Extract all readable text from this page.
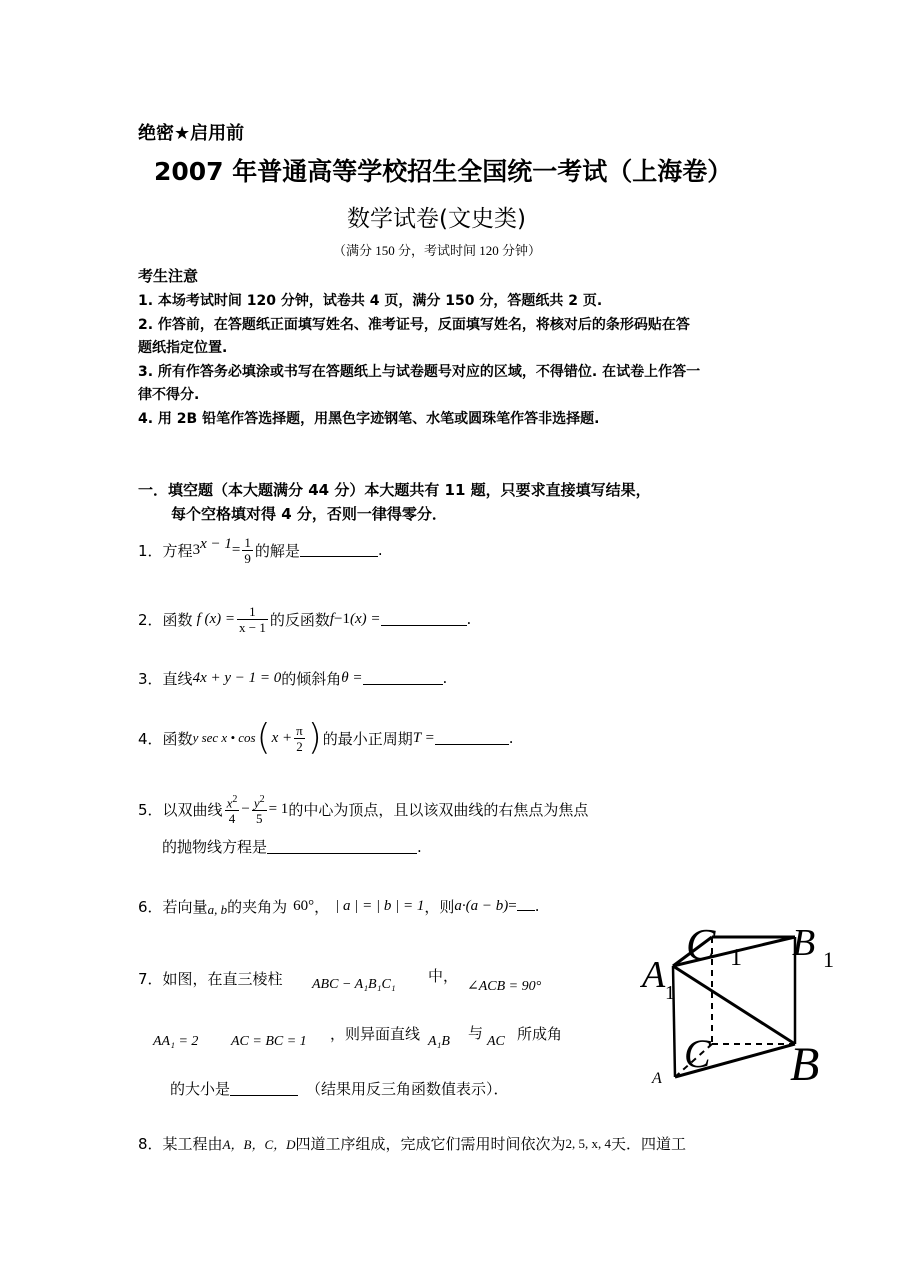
绝密★启用前
2007 年普通高等学校招生全国统一考试（上海卷）
数学试卷(文史类)
（满分 150 分，考试时间 120 分钟）
考生注意
1. 本场考试时间 120 分钟，试卷共 4 页，满分 150 分，答题纸共 2 页.
2. 作答前，在答题纸正面填写姓名、准考证号，反面填写姓名，将核对后的条形码贴在答
题纸指定位置.
3. 所有作答务必填涂或书写在答题纸上与试卷题号对应的区域，不得错位. 在试卷上作答一
律不得分.
4. 用 2B 铅笔作答选择题，用黑色字迹钢笔、水笔或圆珠笔作答非选择题.
一．填空题（本大题满分 44 分）本大题共有 11 题，只要求直接填写结果，
每个空格填对得 4 分，否则一律得零分．
1． 方程 3 $x - 1 = \frac{1}{9}$ 的解是	.
2． 函数 f $(x) = \frac{1}{x - 1}$ 的反函数 f −1 (x) =	.
3． 直线 4x + y − 1 = 0 的倾斜角 θ =	.
4． 函数 y sec x • cos ( $x + \frac{\pi}{2}$ ) 的最小正周期 T =	.
5． 以双曲线 $\frac{x^2}{4} - \frac{y^2}{5} = 1$ 的中心为顶点，且以该双曲线的右焦点为焦点
的抛物线方程是	.
6． 若向量 a, b 的夹角为 60° ， | a | = | b | = 1 ，则 a·(a − b) = .
7． 如图，在直三棱柱 ABC − A₁B₁C₁ 中，
∠ACB = 90°
AA₁ = 2 AC = BC = 1 ，则异面直线 A₁B 与 AC 所成角
的大小是	（结果用反三角函数值表示）．
8． 某工程由 A，B，C，D 四道工序组成，完成它们需用时间依次为 2, 5, x, 4 天．四道工
C 1 B 1
A 1
C B
A
